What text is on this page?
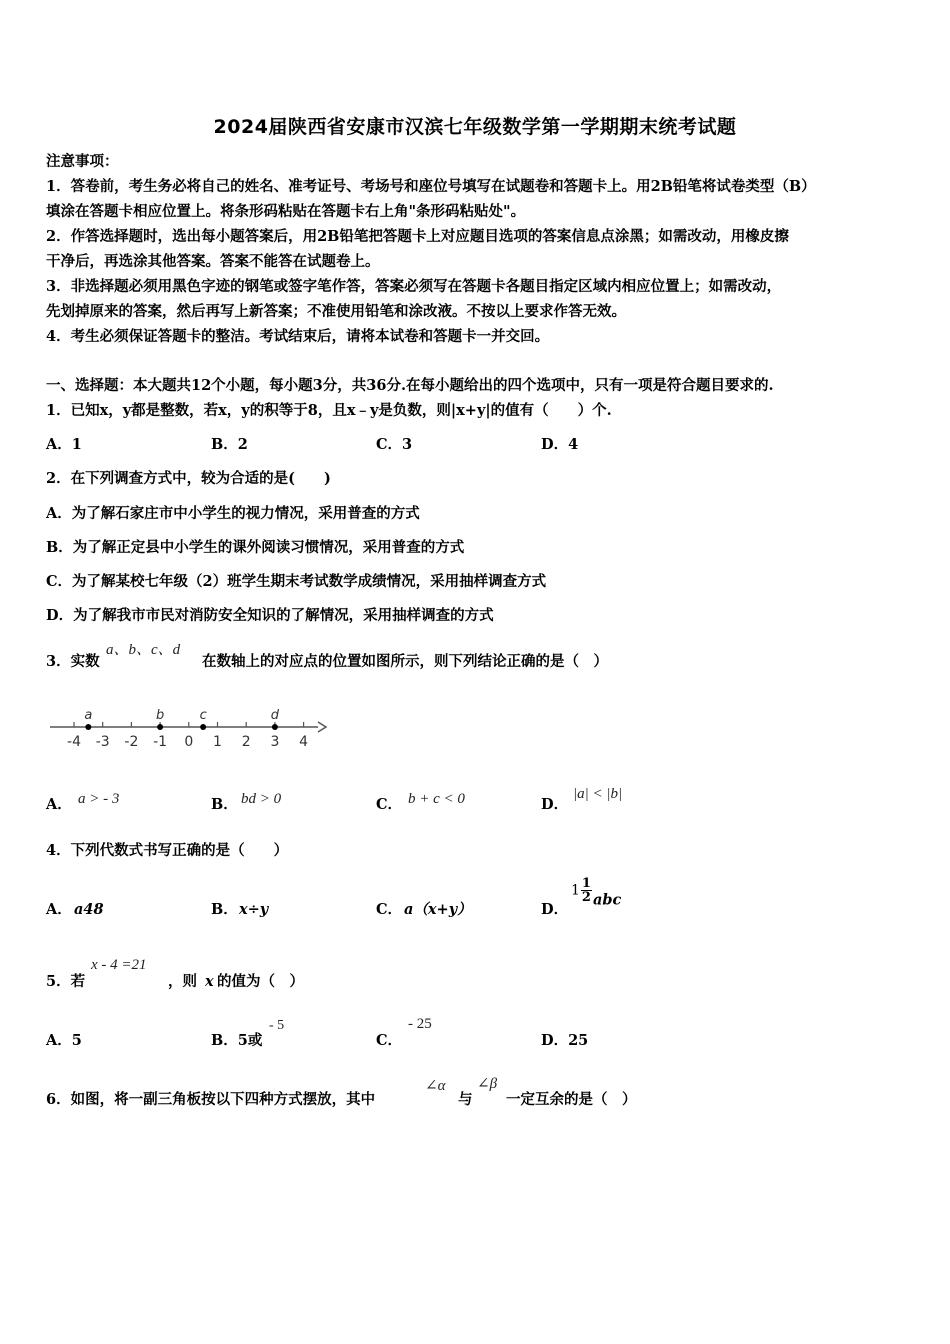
2024届陕西省安康市汉滨七年级数学第一学期期末统考试题
注意事项：
1．答卷前，考生务必将自己的姓名、准考证号、考场号和座位号填写在试题卷和答题卡上。用2B铅笔将试卷类型（B）
填涂在答题卡相应位置上。将条形码粘贴在答题卡右上角"条形码粘贴处"。
2．作答选择题时，选出每小题答案后，用2B铅笔把答题卡上对应题目选项的答案信息点涂黑；如需改动，用橡皮擦
干净后，再选涂其他答案。答案不能答在试题卷上。
3．非选择题必须用黑色字迹的钢笔或签字笔作答，答案必须写在答题卡各题目指定区域内相应位置上；如需改动，
先划掉原来的答案，然后再写上新答案；不准使用铅笔和涂改液。不按以上要求作答无效。
4．考生必须保证答题卡的整洁。考试结束后，请将本试卷和答题卡一并交回。
一、选择题：本大题共12个小题，每小题3分，共36分.在每小题给出的四个选项中，只有一项是符合题目要求的.
1．已知x，y都是整数，若x，y的积等于8，且x﹣y是负数，则|x+y|的值有（　　）个.
A．1	B．2	C．3	D．4
2．在下列调查方式中，较为合适的是(　　)
A．为了解石家庄市中小学生的视力情况，采用普查的方式
B．为了解正定县中小学生的课外阅读习惯情况，采用普查的方式
C．为了解某校七年级（2）班学生期末考试数学成绩情况，采用抽样调查方式
D．为了解我市市民对消防安全知识的了解情况，采用抽样调查的方式
3．实数
a、b、c、d
在数轴上的对应点的位置如图所示，则下列结论正确的是（　）
-4 -3 -2 -1 0 1 2 3 4
a	b	c	d
A． a > - 3	B． bd > 0	C． b + c < 0	D．
|a| < |b|
4．下列代数式书写正确的是（　　）
A． a48	B． x÷y	C． a（x+y）	D．
$1 \frac{1}{2}$ abc
5．若
x - 4 =21
，则 x 的值为（　）
A．5	B．5或
- 5
C．
- 25
D．25
6．如图，将一副三角板按以下四种方式摆放，其中
∠α
与
∠β
一定互余的是（　）
